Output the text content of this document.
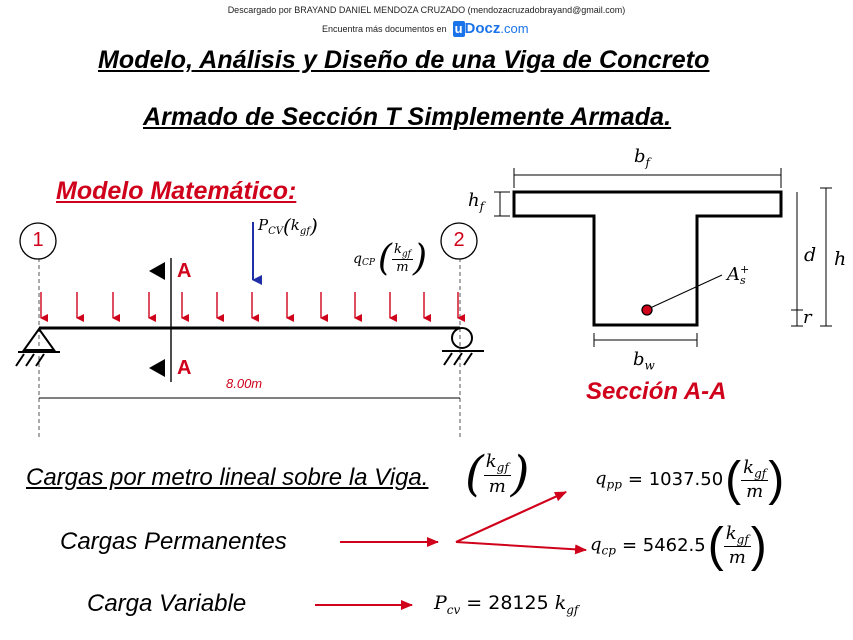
Descargado por BRAYAND DANIEL MENDOZA CRUZADO (mendozacruzadobrayand@gmail.com)
Encuentra más documentos en u Docz .com
Modelo, Análisis y Diseño de una Viga de Concreto
Armado de Sección T Simplemente Armada.
Modelo Matemático:
1	2
A
A
8.00m
$P_{CV}(k_{gf})$
$q_{CP}$ ( $\frac{k_{gf}}{m}$ )
$b_f$
$h_f$
d h
r
$b_w$
A +
s
Sección A-A
Cargas por metro lineal sobre la Viga. ( $\frac{k_{gf}}{m}$ )
Cargas Permanentes
Carga Variable
$q_{pp} = 1037.50$ ( $\frac{k_{gf}}{m}$ )
$q_{cp} = 5462.5$ ( $\frac{k_{gf}}{m}$ )
$P_{cv} = 28125$ $k_{gf}$
